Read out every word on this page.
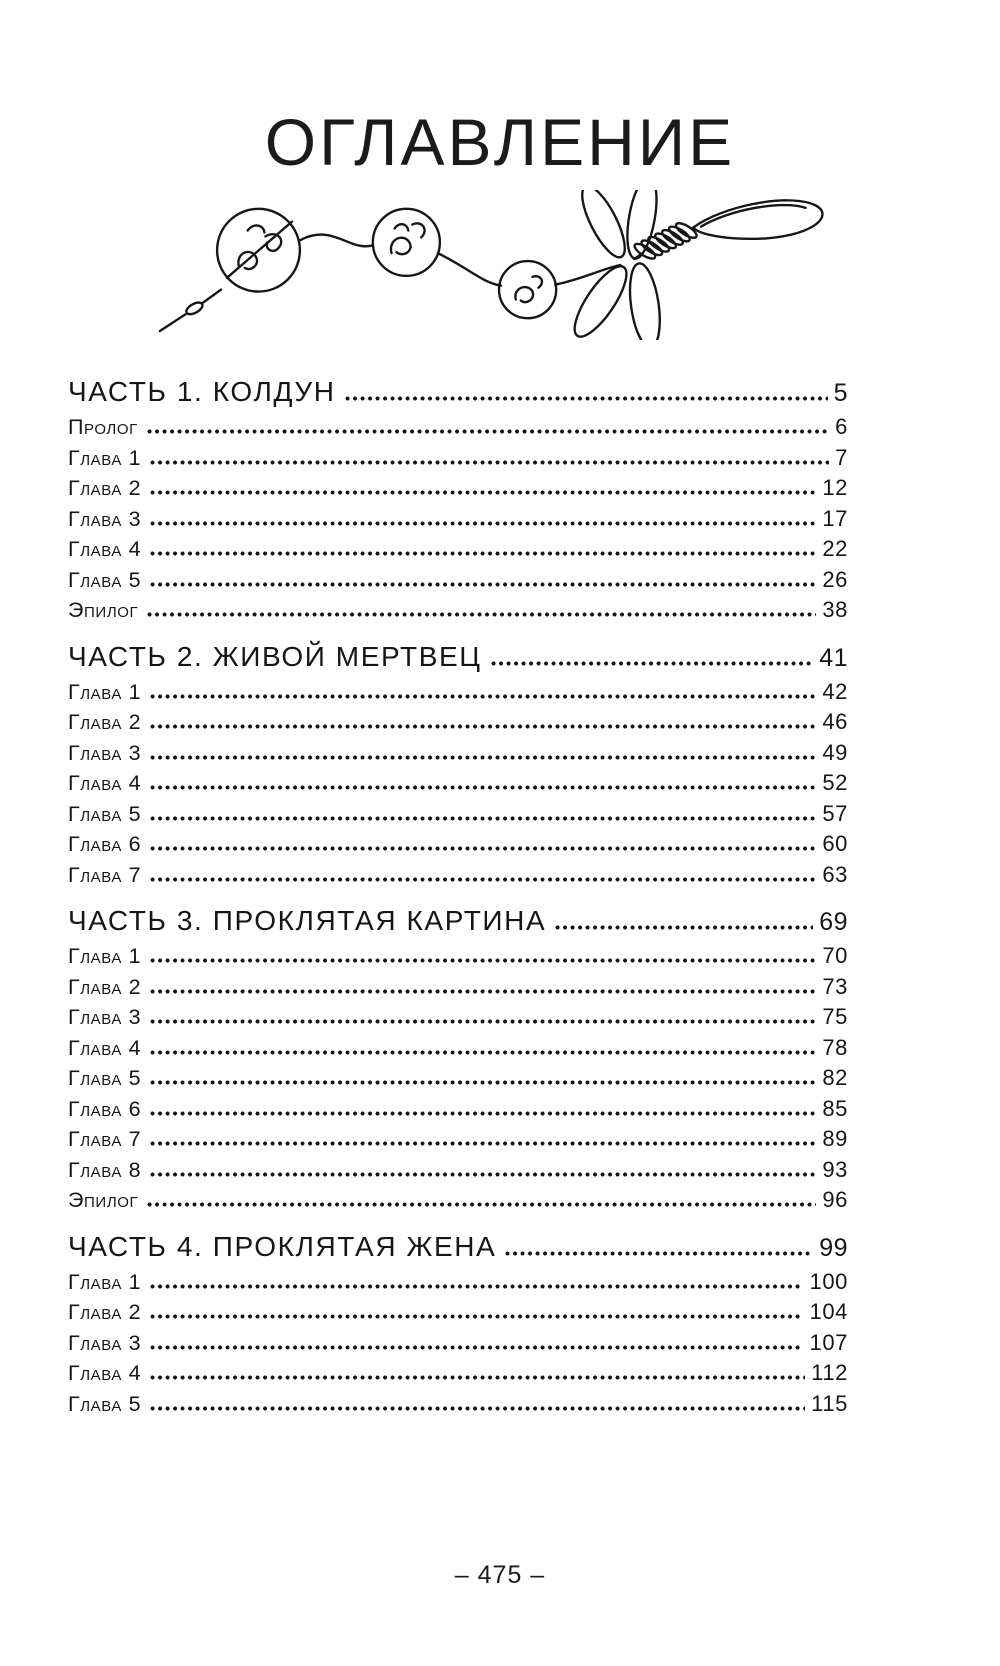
ОГЛАВЛЕНИЕ
ЧАСТЬ 1. КОЛДУН	5
Пролог	6
Глава 1	7
Глава 2	12
Глава 3	17
Глава 4	22
Глава 5	26
Эпилог	38
ЧАСТЬ 2. ЖИВОЙ МЕРТВЕЦ	41
Глава 1	42
Глава 2	46
Глава 3	49
Глава 4	52
Глава 5	57
Глава 6	60
Глава 7	63
ЧАСТЬ 3. ПРОКЛЯТАЯ КАРТИНА	69
Глава 1	70
Глава 2	73
Глава 3	75
Глава 4	78
Глава 5	82
Глава 6	85
Глава 7	89
Глава 8	93
Эпилог	96
ЧАСТЬ 4. ПРОКЛЯТАЯ ЖЕНА	99
Глава 1	100
Глава 2	104
Глава 3	107
Глава 4	112
Глава 5	115
– 475 –
